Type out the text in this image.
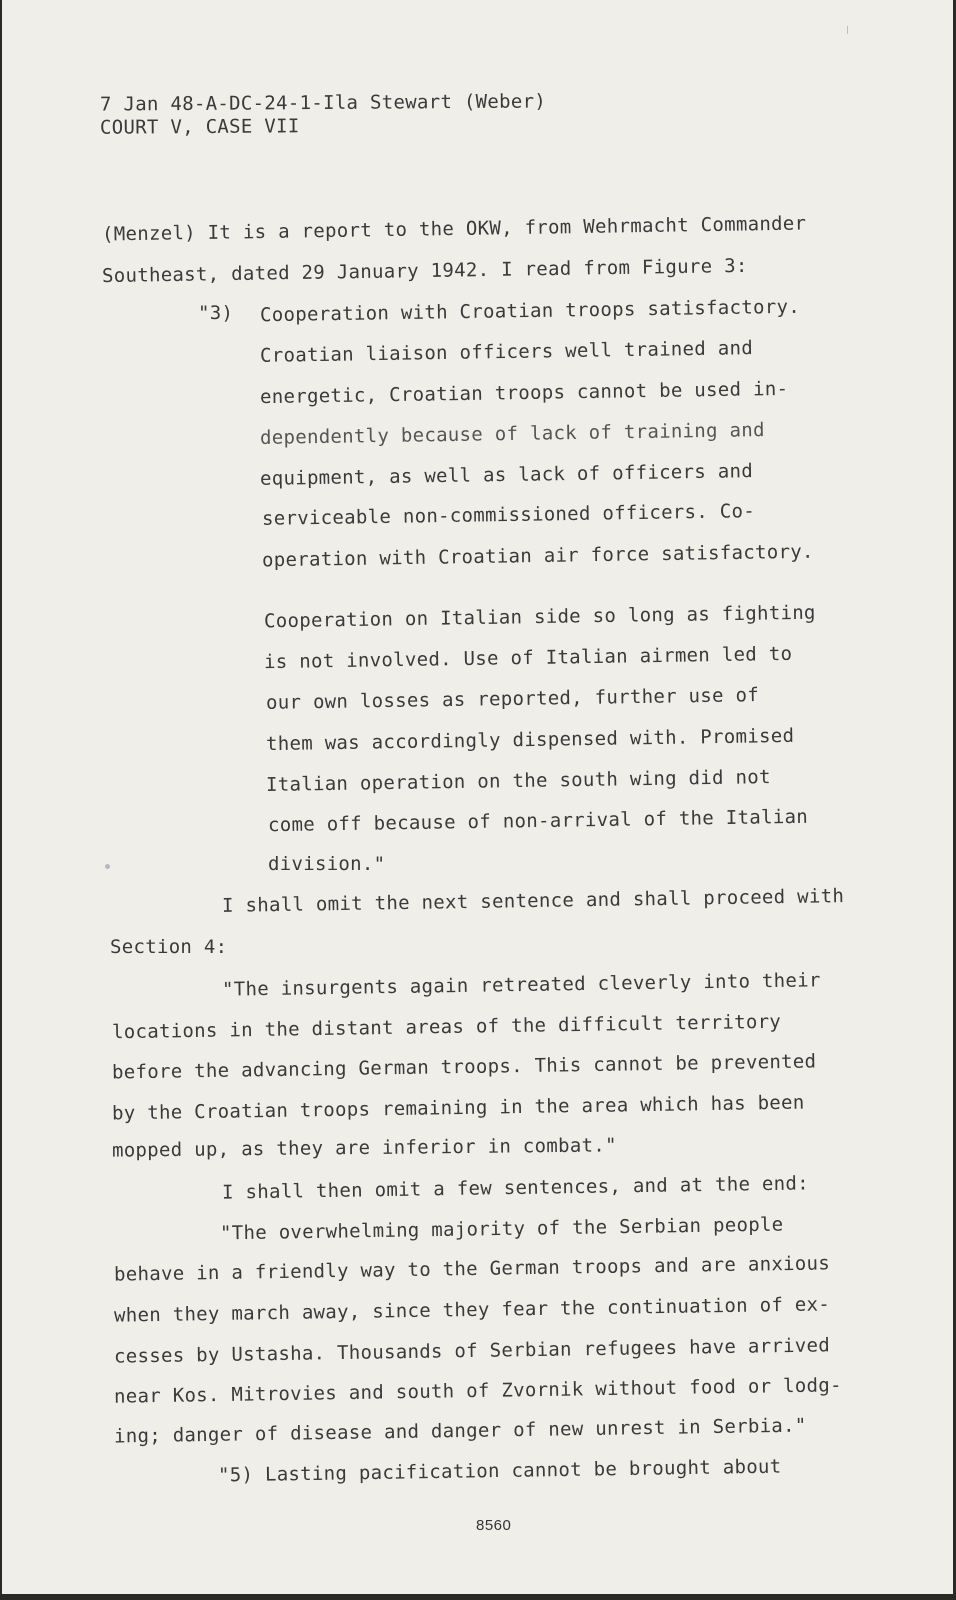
7 Jan 48-A-DC-24-1-Ila Stewart (Weber)
COURT V, CASE VII
(Menzel) It is a report to the OKW, from Wehrmacht Commander
Southeast, dated 29 January 1942. I read from Figure 3:
"3) Cooperation with Croatian troops satisfactory.
Croatian liaison officers well trained and
energetic, Croatian troops cannot be used in-
dependently because of lack of training and
equipment, as well as lack of officers and
serviceable non-commissioned officers. Co-
operation with Croatian air force satisfactory.
Cooperation on Italian side so long as fighting
is not involved. Use of Italian airmen led to
our own losses as reported, further use of
them was accordingly dispensed with. Promised
Italian operation on the south wing did not
come off because of non-arrival of the Italian
division."
I shall omit the next sentence and shall proceed with
Section 4:
"The insurgents again retreated cleverly into their
locations in the distant areas of the difficult territory
before the advancing German troops. This cannot be prevented
by the Croatian troops remaining in the area which has been
mopped up, as they are inferior in combat."
I shall then omit a few sentences, and at the end:
"The overwhelming majority of the Serbian people
behave in a friendly way to the German troops and are anxious
when they march away, since they fear the continuation of ex-
cesses by Ustasha. Thousands of Serbian refugees have arrived
near Kos. Mitrovies and south of Zvornik without food or lodg-
ing; danger of disease and danger of new unrest in Serbia."
"5) Lasting pacification cannot be brought about
8560
